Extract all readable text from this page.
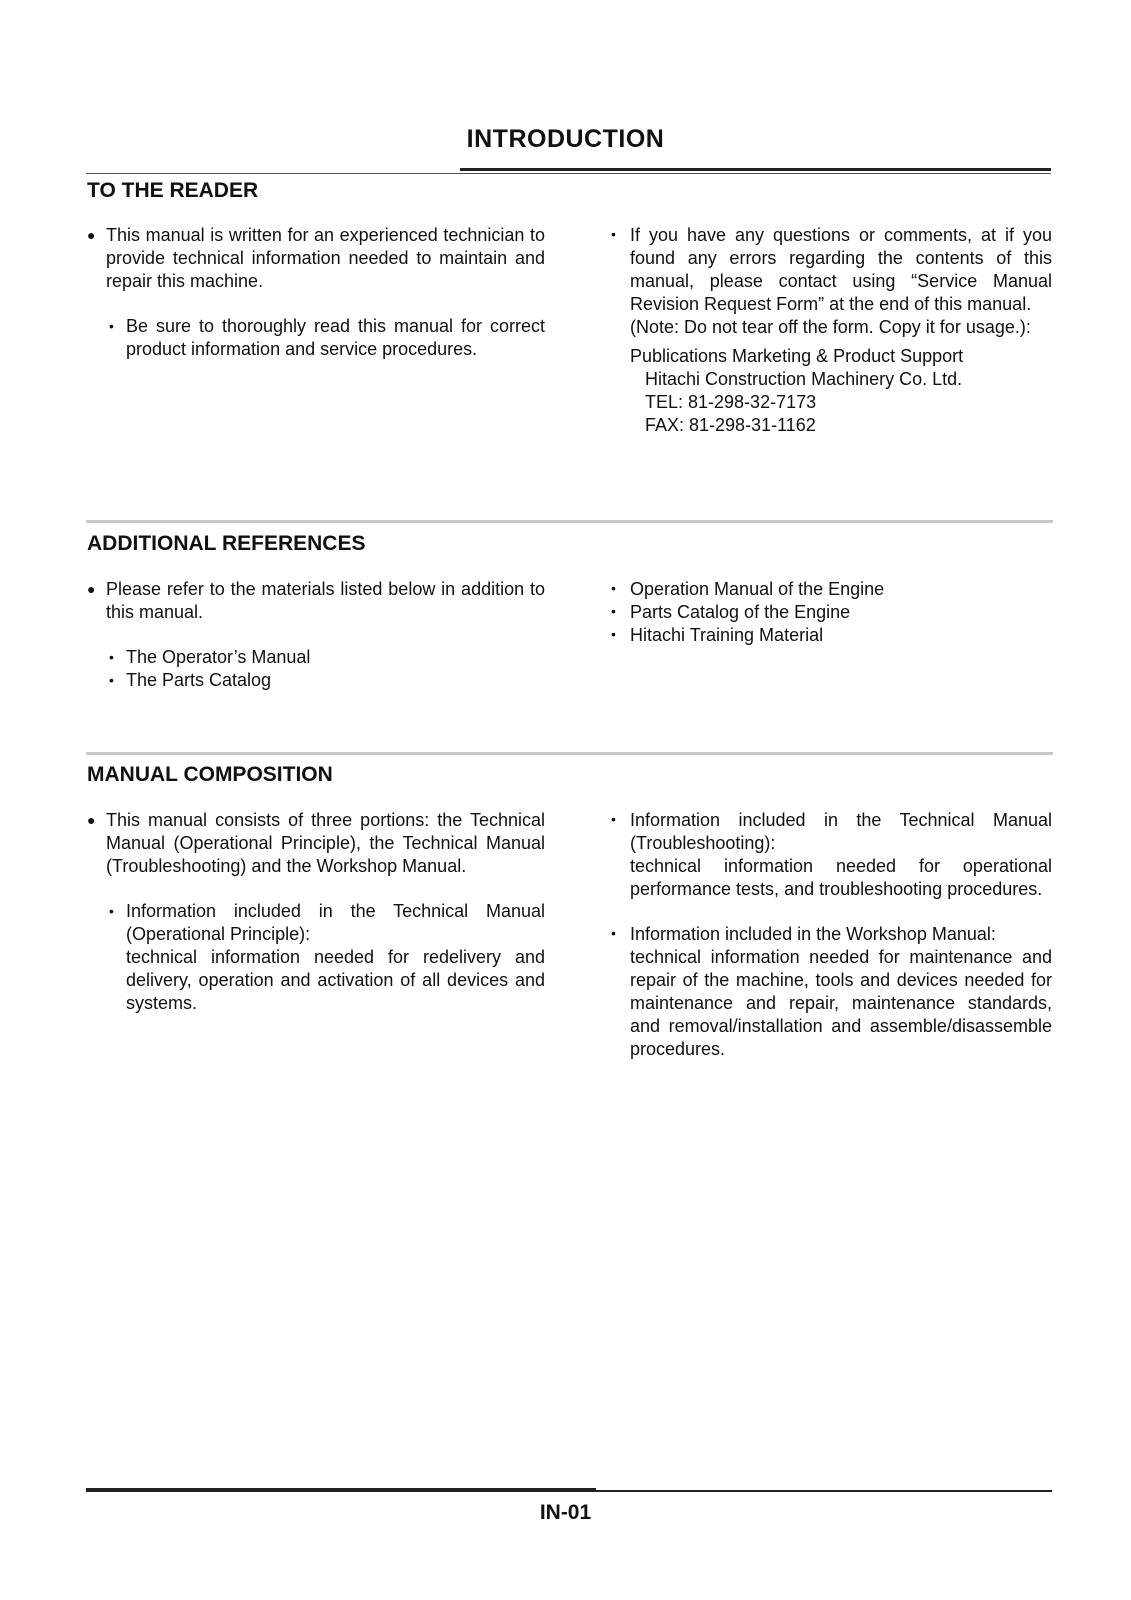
INTRODUCTION
TO THE READER
● This manual is written for an experienced technician to provide technical information needed to maintain and repair this machine.
• Be sure to thoroughly read this manual for correct product information and service procedures.
• If you have any questions or comments, at if you found any errors regarding the contents of this manual, please contact using “Service Manual Revision Request Form” at the end of this manual.
(Note: Do not tear off the form. Copy it for usage.):
Publications Marketing & Product Support
Hitachi Construction Machinery Co. Ltd.
TEL: 81-298-32-7173
FAX: 81-298-31-1162
ADDITIONAL REFERENCES
● Please refer to the materials listed below in addition to this manual.
• The Operator’s Manual
• The Parts Catalog
• Operation Manual of the Engine
• Parts Catalog of the Engine
• Hitachi Training Material
MANUAL COMPOSITION
● This manual consists of three portions: the Technical Manual (Operational Principle), the Technical Manual (Troubleshooting) and the Workshop Manual.
• Information included in the Technical Manual (Operational Principle):
technical information needed for redelivery and delivery, operation and activation of all devices and systems.
• Information included in the Technical Manual (Troubleshooting):
technical information needed for operational performance tests, and troubleshooting procedures.
• Information included in the Workshop Manual:
technical information needed for maintenance and repair of the machine, tools and devices needed for maintenance and repair, maintenance standards, and removal/installation and assemble/disassemble procedures.
IN-01
